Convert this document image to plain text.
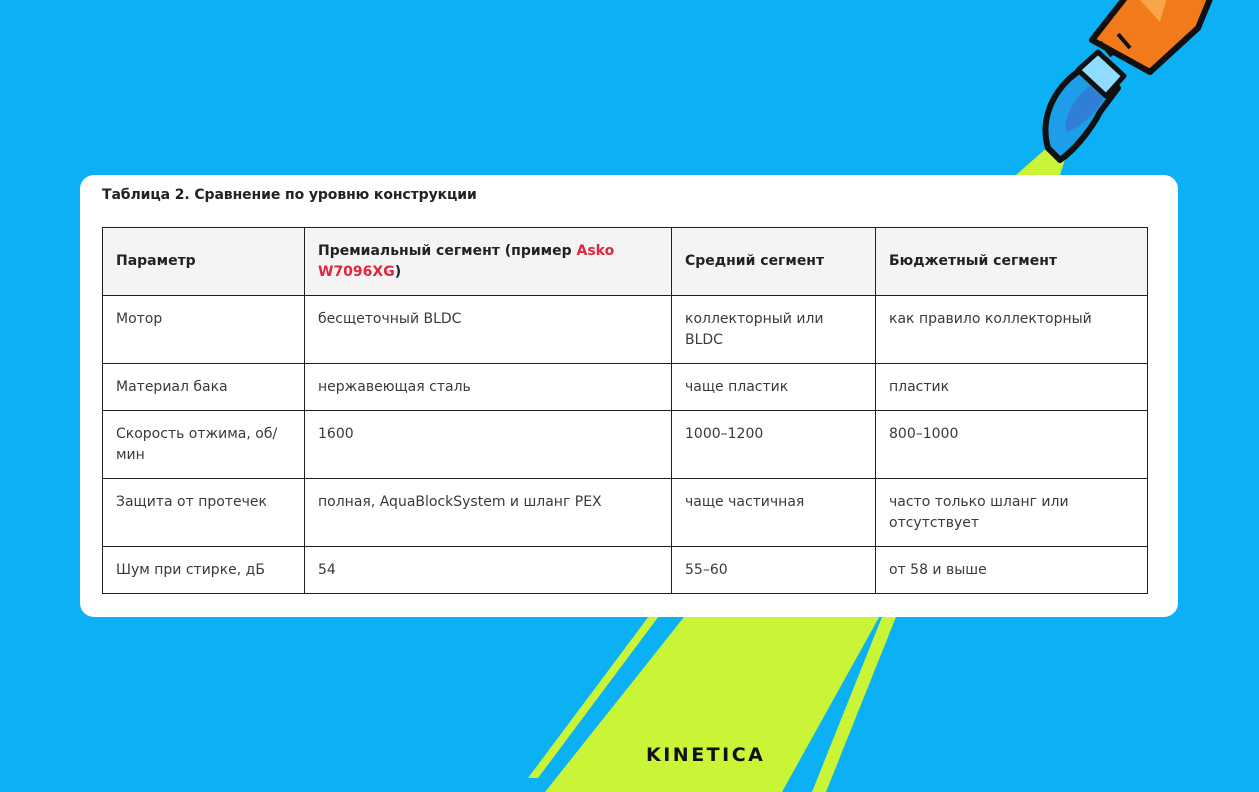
Таблица 2. Сравнение по уровню конструкции
Параметр	Премиальный сегмент (пример Asko W7096XG)	Средний сегмент	Бюджетный сегмент
Мотор	бесщеточный BLDC	коллекторный или BLDC	как правило коллекторный
Материал бака	нержавеющая сталь	чаще пластик	пластик
Скорость отжима, об/мин	1600	1000–1200	800–1000
Защита от протечек	полная, AquaBlockSystem и шланг PEX	чаще частичная	часто только шланг или отсутствует
Шум при стирке, дБ	54	55–60	от 58 и выше
KINETICA
